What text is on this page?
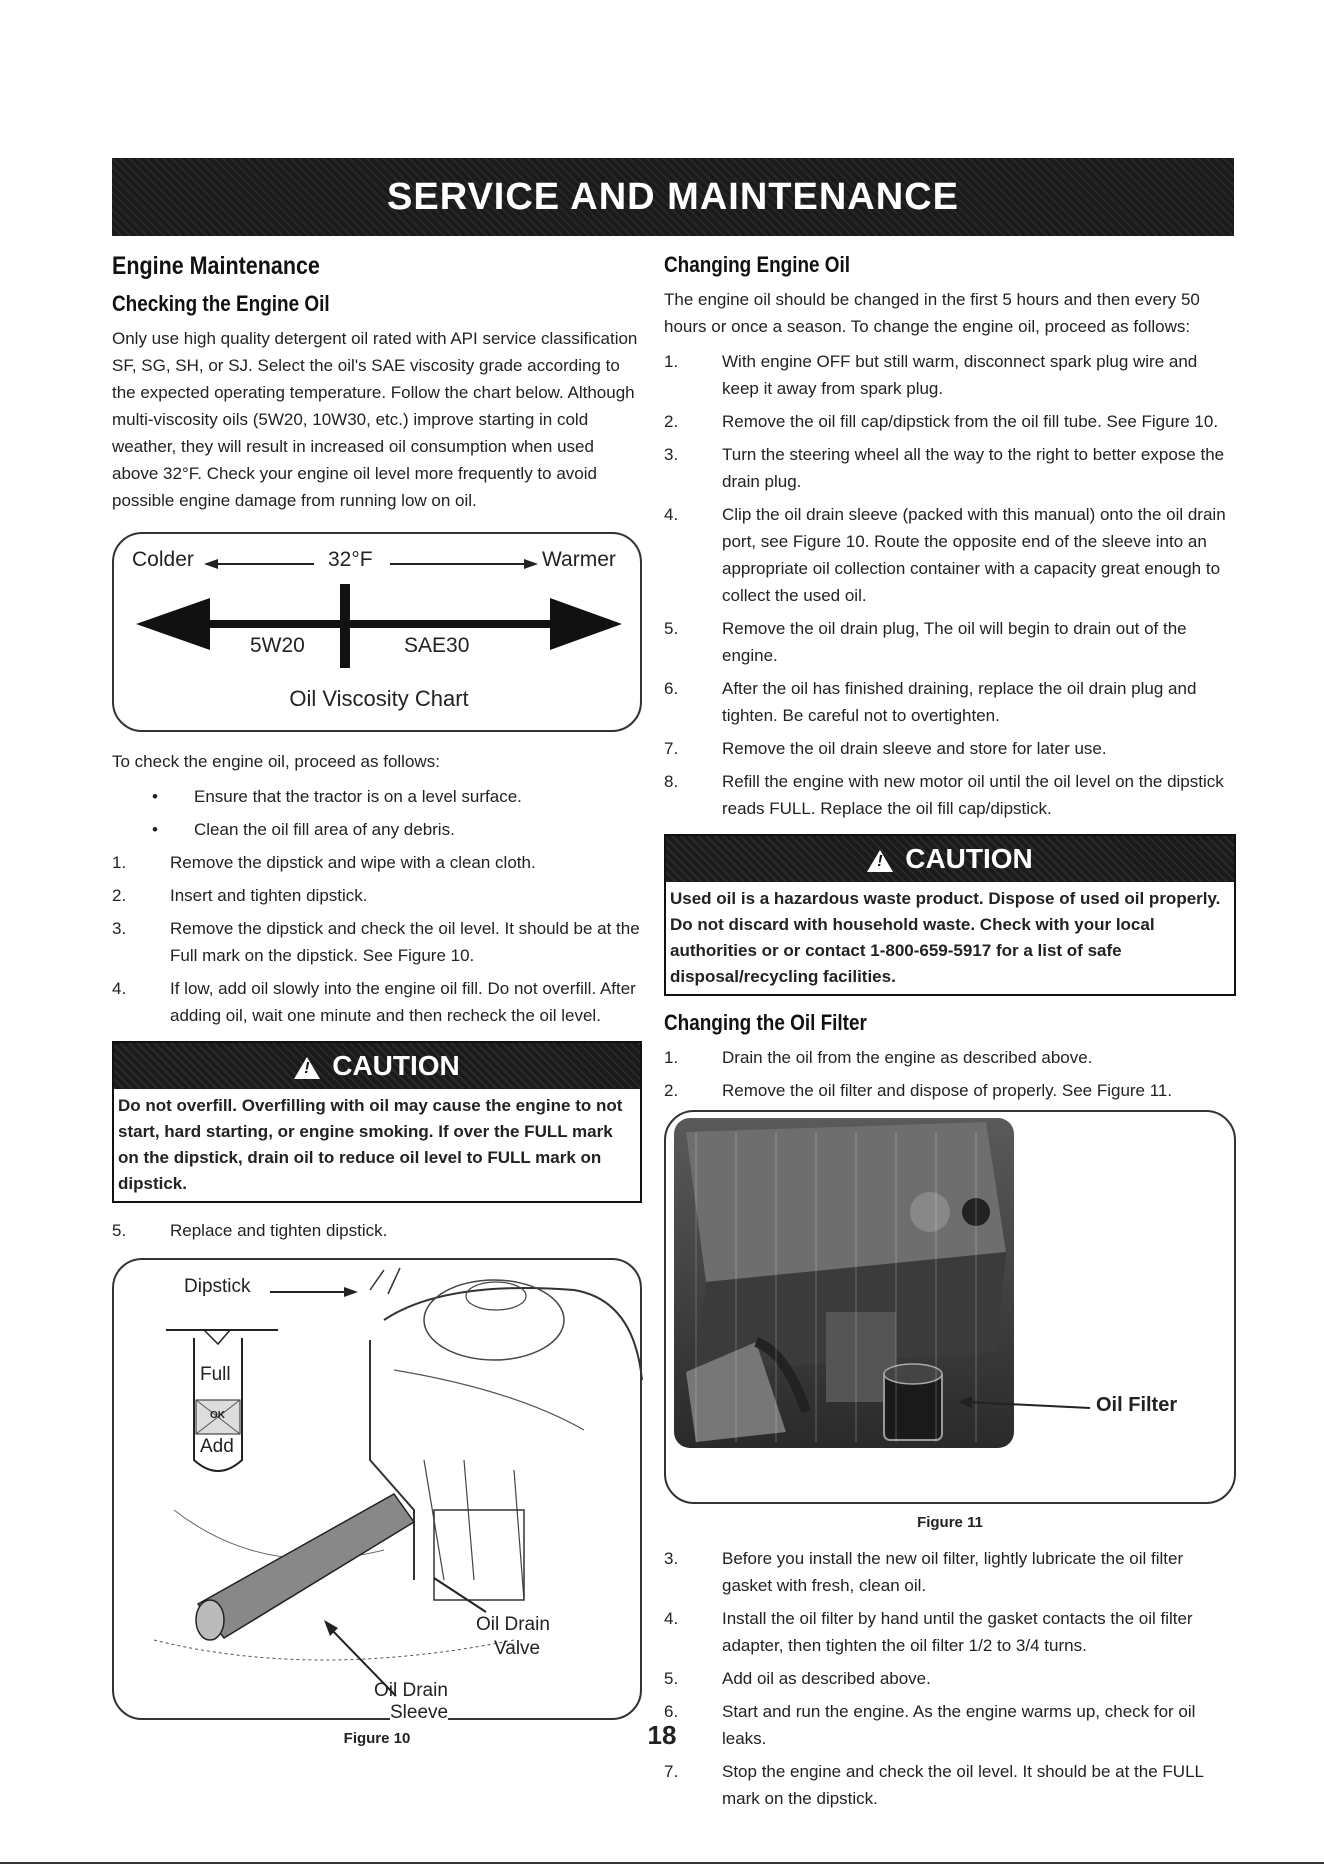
SERVICE AND MAINTENANCE
Engine Maintenance
Checking the Engine Oil

Only use high quality detergent oil rated with API service classification SF, SG, SH, or SJ. Select the oil's SAE viscosity grade according to the expected operating temperature. Follow the chart below. Although multi-viscosity oils (5W20, 10W30, etc.) improve starting in cold weather, they will result in increased oil consumption when used above 32°F. Check your engine oil level more frequently to avoid possible engine damage from running low on oil.

Colder	32°F	Warmer
5W20	SAE30
Oil Viscosity Chart

To check the engine oil, proceed as follows:

• Ensure that the tractor is on a level surface.
• Clean the oil fill area of any debris.
1.	Remove the dipstick and wipe with a clean cloth.
2.	Insert and tighten dipstick.
3.	Remove the dipstick and check the oil level. It should be at the Full mark on the dipstick. See Figure 10.
4.	If low, add oil slowly into the engine oil fill. Do not overfill. After adding oil, wait one minute and then recheck the oil level.
! CAUTION
Do not overfill. Overfilling with oil may cause the engine to not start, hard starting, or engine smoking. If over the FULL mark on the dipstick, drain oil to reduce oil level to FULL mark on dipstick.
5.	Replace and tighten dipstick.
Dipstick
Full
OK
Add
Oil Drain
Valve
Oil Drain
Sleeve
Figure 10
Changing Engine Oil

The engine oil should be changed in the first 5 hours and then every 50 hours or once a season. To change the engine oil, proceed as follows:

1.	With engine OFF but still warm, disconnect spark plug wire and keep it away from spark plug.
2.	Remove the oil fill cap/dipstick from the oil fill tube. See Figure 10.
3.	Turn the steering wheel all the way to the right to better expose the drain plug.
4.	Clip the oil drain sleeve (packed with this manual) onto the oil drain port, see Figure 10. Route the opposite end of the sleeve into an appropriate oil collection container with a capacity great enough to collect the used oil.
5.	Remove the oil drain plug, The oil will begin to drain out of the engine.
6.	After the oil has finished draining, replace the oil drain plug and tighten. Be careful not to overtighten.
7.	Remove the oil drain sleeve and store for later use.
8.	Refill the engine with new motor oil until the oil level on the dipstick reads FULL. Replace the oil fill cap/dipstick.
! CAUTION
Used oil is a hazardous waste product. Dispose of used oil properly. Do not discard with household waste. Check with your local authorities or or contact 1-800-659-5917 for a list of safe disposal/recycling facilities.
Changing the Oil Filter
1.	Drain the oil from the engine as described above.
2.	Remove the oil filter and dispose of properly. See Figure 11.
Oil Filter
Figure 11
3.	Before you install the new oil filter, lightly lubricate the oil filter gasket with fresh, clean oil.
4.	Install the oil filter by hand until the gasket contacts the oil filter adapter, then tighten the oil filter 1/2 to 3/4 turns.
5.	Add oil as described above.
6.	Start and run the engine. As the engine warms up, check for oil leaks.
7.	Stop the engine and check the oil level. It should be at the FULL mark on the dipstick.
18
